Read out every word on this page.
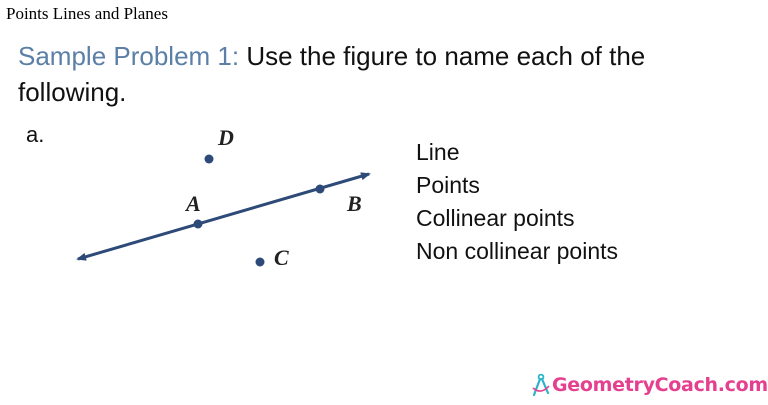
Points Lines and Planes
Sample Problem 1: Use the figure to name each of the following.
a.	D
A	B
C
Line
Points
Collinear points
Non collinear points
GeometryCoach.com
